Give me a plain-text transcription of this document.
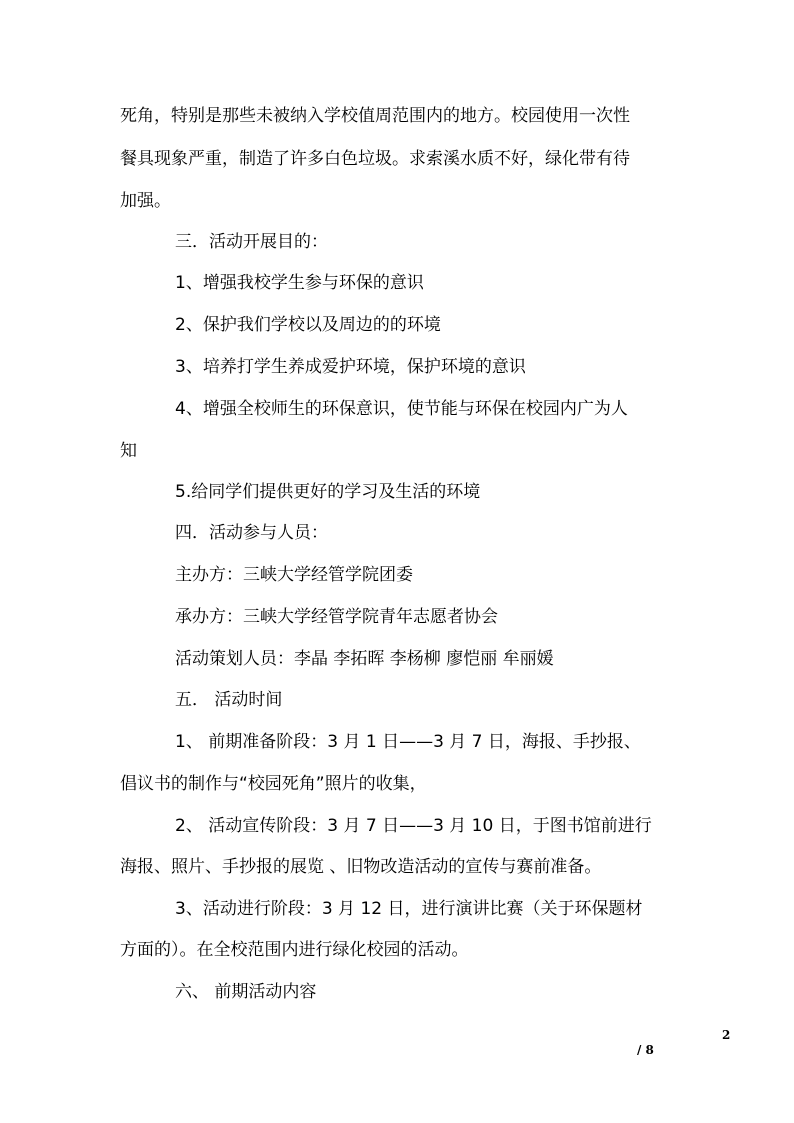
死角，特别是那些未被纳入学校值周范围内的地方。校园使用一次性
餐具现象严重，制造了许多白色垃圾。求索溪水质不好，绿化带有待
加强。
三．活动开展目的：
1、增强我校学生参与环保的意识
2、保护我们学校以及周边的的环境
3、培养打学生养成爱护环境，保护环境的意识
4、增强全校师生的环保意识，使节能与环保在校园内广为人
知
5.给同学们提供更好的学习及生活的环境
四．活动参与人员：
主办方：三峡大学经管学院团委
承办方：三峡大学经管学院青年志愿者协会
活动策划人员：李晶 李拓晖 李杨柳 廖恺丽 牟丽媛
五． 活动时间
1、 前期准备阶段：3 月 1 日——3 月 7 日，海报、手抄报、
倡议书的制作与“校园死角”照片的收集，
2、 活动宣传阶段：3 月 7 日——3 月 10 日，于图书馆前进行
海报、照片、手抄报的展览 、旧物改造活动的宣传与赛前准备。
3、活动进行阶段：3 月 12 日，进行演讲比赛（关于环保题材
方面的）。在全校范围内进行绿化校园的活动。
六、 前期活动内容
2
/ 8
